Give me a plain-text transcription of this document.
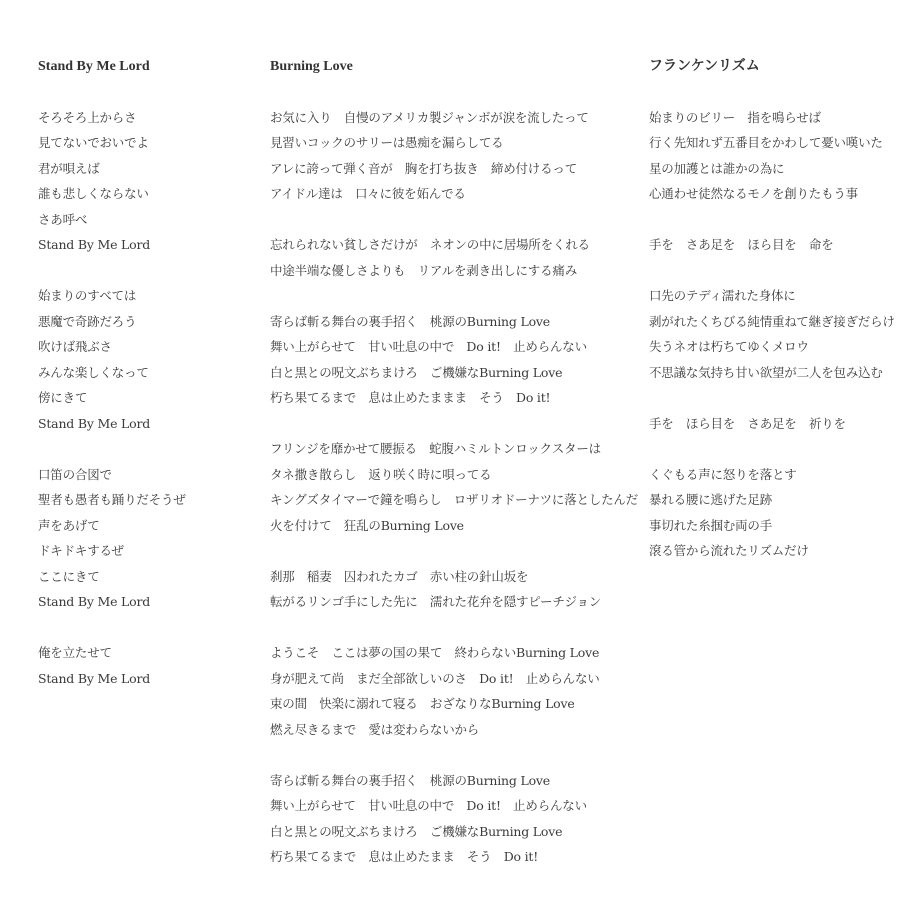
Stand By Me Lord
そろそろ上からさ
見てないでおいでよ
君が唄えば
誰も悲しくならない
さあ呼べ
Stand By Me Lord
始まりのすべては
悪魔で奇跡だろう
吹けば飛ぶさ
みんな楽しくなって
傍にきて
Stand By Me Lord
口笛の合図で
聖者も愚者も踊りだそうぜ
声をあげて
ドキドキするぜ
ここにきて
Stand By Me Lord
俺を立たせて
Stand By Me Lord
Burning Love
お気に入り　自慢のアメリカ製ジャンボが涙を流したって
見習いコックのサリーは愚痴を漏らしてる
アレに誇って弾く音が　胸を打ち抜き　締め付けるって
アイドル達は　口々に彼を妬んでる
忘れられない貧しさだけが　ネオンの中に居場所をくれる
中途半端な優しさよりも　リアルを剥き出しにする痛み
寄らば斬る舞台の裏手招く　桃源のBurning Love
舞い上がらせて　甘い吐息の中で　Do it!　止めらんない
白と黒との呪文ぶちまけろ　ご機嫌なBurning Love
朽ち果てるまで　息は止めたままま　そう　Do it!
フリンジを靡かせて腰振る　蛇腹ハミルトンロックスターは
タネ撒き散らし　返り咲く時に唄ってる
キングズタイマーで鐘を鳴らし　ロザリオドーナツに落としたんだ
火を付けて　狂乱のBurning Love
刹那　稲妻　囚われたカゴ　赤い柱の針山坂を
転がるリンゴ手にした先に　濡れた花弁を隠すピーチジョン
ようこそ　ここは夢の国の果て　終わらないBurning Love
身が肥えて尚　まだ全部欲しいのさ　Do it!　止めらんない
束の間　快楽に溺れて寝る　おざなりなBurning Love
燃え尽きるまで　愛は変わらないから
寄らば斬る舞台の裏手招く　桃源のBurning Love
舞い上がらせて　甘い吐息の中で　Do it!　止めらんない
白と黒との呪文ぶちまけろ　ご機嫌なBurning Love
朽ち果てるまで　息は止めたまま　そう　Do it!
フランケンリズム
始まりのビリー　指を鳴らせば
行く先知れず五番目をかわして憂い嘆いた
星の加護とは誰かの為に
心通わせ徒然なるモノを創りたもう事
手を　さあ足を　ほら目を　命を
口先のテディ濡れた身体に
剥がれたくちびる純情重ねて継ぎ接ぎだらけ
失うネオは朽ちてゆくメロウ
不思議な気持ち甘い欲望が二人を包み込む
手を　ほら目を　さあ足を　祈りを
くぐもる声に怒りを落とす
暴れる腰に逃げた足跡
事切れた糸掴む両の手
滾る管から流れたリズムだけ
